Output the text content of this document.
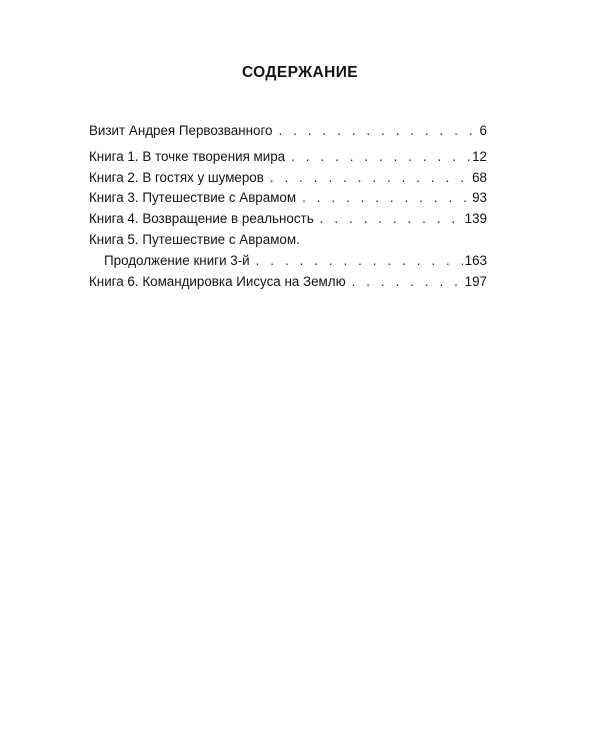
СОДЕРЖАНИЕ
Визит Андрея Первозванного . . .	6
Книга 1. В точке творения мира . . .	12
Книга 2. В гостях у шумеров . . .	68
Книга 3. Путешествие с Аврамом . . .	93
Книга 4. Возвращение в реальность . . .	139
Книга 5. Путешествие с Аврамом.
Продолжение книги 3-й . . .	163
Книга 6. Командировка Иисуса на Землю . . .	197
